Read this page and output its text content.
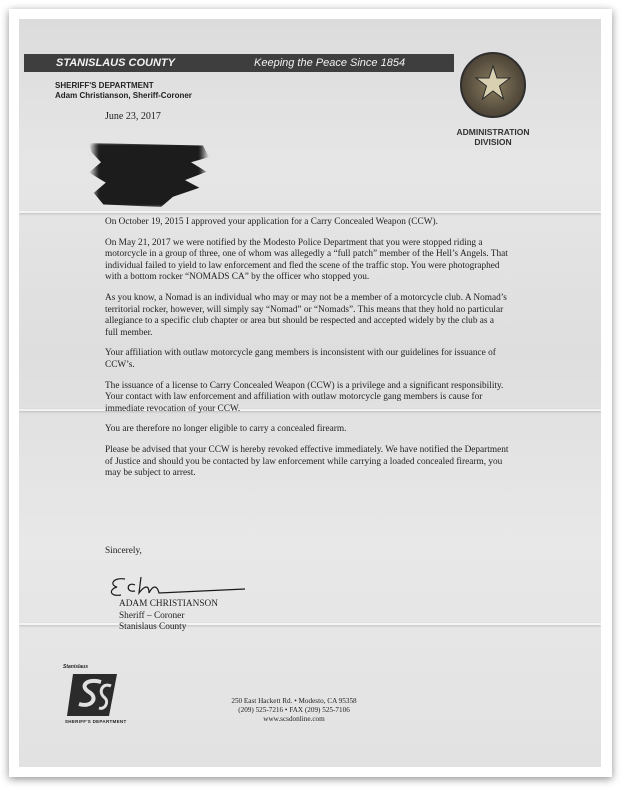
STANISLAUS COUNTY	Keeping the Peace Since 1854
SHERIFF'S DEPARTMENT
Adam Christianson, Sheriff-Coroner
ADMINISTRATION
DIVISION
June 23, 2017

On October 19, 2015 I approved your application for a Carry Concealed Weapon (CCW).

On May 21, 2017 we were notified by the Modesto Police Department that you were stopped riding a motorcycle in a group of three, one of whom was allegedly a “full patch” member of the Hell’s Angels. That individual failed to yield to law enforcement and fled the scene of the traffic stop. You were photographed with a bottom rocker “NOMADS CA” by the officer who stopped you.

As you know, a Nomad is an individual who may or may not be a member of a motorcycle club. A Nomad’s territorial rocker, however, will simply say “Nomad” or “Nomads”. This means that they hold no particular allegiance to a specific club chapter or area but should be respected and accepted widely by the club as a full member.

Your affiliation with outlaw motorcycle gang members is inconsistent with our guidelines for issuance of CCW’s.

The issuance of a license to Carry Concealed Weapon (CCW) is a privilege and a significant responsibility. Your contact with law enforcement and affiliation with outlaw motorcycle gang members is cause for immediate revocation of your CCW.

You are therefore no longer eligible to carry a concealed firearm.

Please be advised that your CCW is hereby revoked effective immediately. We have notified the Department of Justice and should you be contacted by law enforcement while carrying a loaded concealed firearm, you may be subject to arrest.

Sincerely,
ADAM CHRISTIANSON
Sheriff – Coroner
Stanislaus County
Stanislaus
SHERIFF'S DEPARTMENT
250 East Hackett Rd. • Modesto, CA 95358
(209) 525-7216 • FAX (209) 525-7106
www.scsdonline.com
